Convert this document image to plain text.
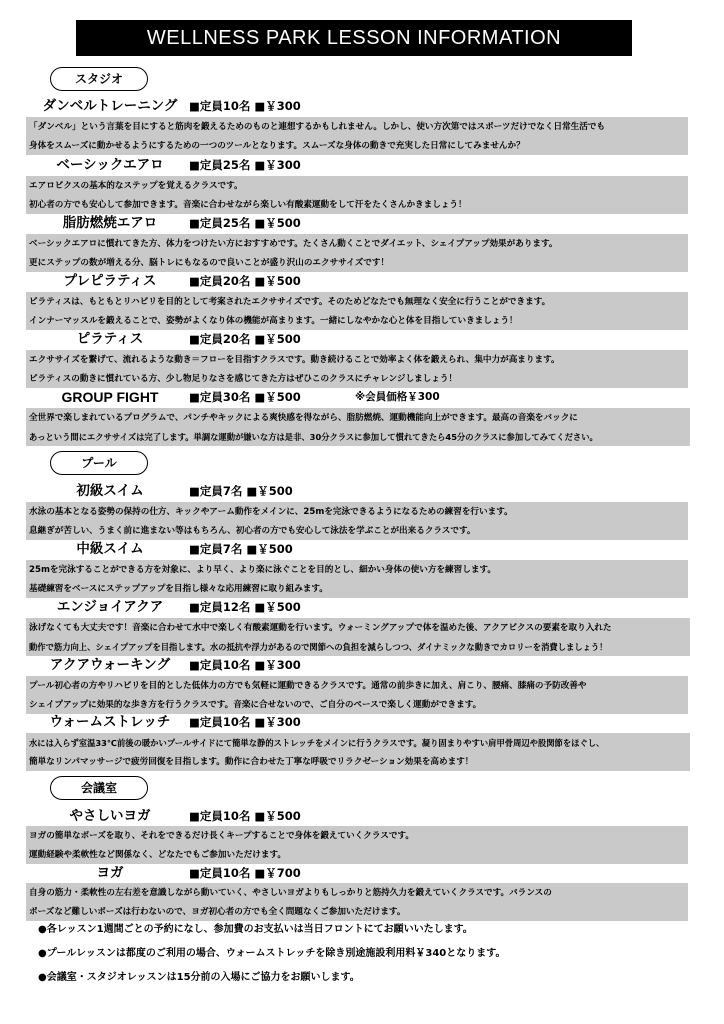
WELLNESS PARK LESSON INFORMATION
スタジオ
プール
会議室
ダンベルトレーニング	■定員10名 ■￥300
「ダンベル」という言葉を目にすると筋肉を鍛えるためのものと連想するかもしれません。しかし、使い方次第ではスポーツだけでなく日常生活でも
身体をスムーズに動かせるようにするための一つのツールとなります。スムーズな身体の動きで充実した日常にしてみませんか？
ベーシックエアロ	■定員25名 ■￥300
エアロビクスの基本的なステップを覚えるクラスです。
初心者の方でも安心して参加できます。音楽に合わせながら楽しい有酸素運動をして汗をたくさんかきましょう！
脂肪燃焼エアロ	■定員25名 ■￥500
ベーシックエアロに慣れてきた方、体力をつけたい方におすすめです。たくさん動くことでダイエット、シェイプアップ効果があります。
更にステップの数が増える分、脳トレにもなるので良いことが盛り沢山のエクササイズです！
プレピラティス	■定員20名 ■￥500
ピラティスは、もともとリハビリを目的として考案されたエクササイズです。そのためどなたでも無理なく安全に行うことができます。
インナーマッスルを鍛えることで、姿勢がよくなり体の機能が高まります。一緒にしなやかな心と体を目指していきましょう！
ピラティス	■定員20名 ■￥500
エクササイズを繋げて、流れるような動き＝フローを目指すクラスです。動き続けることで効率よく体を鍛えられ、集中力が高まります。
ピラティスの動きに慣れている方、少し物足りなさを感じてきた方はぜひこのクラスにチャレンジしましょう！
GROUP FIGHT	■定員30名 ■￥500	※会員価格￥300
全世界で楽しまれているプログラムで、パンチやキックによる爽快感を得ながら、脂肪燃焼、運動機能向上ができます。最高の音楽をバックに
あっという間にエクササイズは完了します。単調な運動が嫌いな方は是非、30分クラスに参加して慣れてきたら45分のクラスに参加してみてください。
初級スイム	■定員7名 ■￥500
水泳の基本となる姿勢の保持の仕方、キックやアーム動作をメインに、25mを完泳できるようになるための練習を行います。
息継ぎが苦しい、うまく前に進まない等はもちろん、初心者の方でも安心して泳法を学ぶことが出来るクラスです。
中級スイム	■定員7名 ■￥500
25mを完泳することができる方を対象に、より早く、より楽に泳ぐことを目的とし、細かい身体の使い方を練習します。
基礎練習をベースにステップアップを目指し様々な応用練習に取り組みます。
エンジョイアクア	■定員12名 ■￥500
泳げなくても大丈夫です！音楽に合わせて水中で楽しく有酸素運動を行います。ウォーミングアップで体を温めた後、アクアビクスの要素を取り入れた
動作で筋力向上、シェイプアップを目指します。水の抵抗や浮力があるので関節への負担を減らしつつ、ダイナミックな動きでカロリーを消費しましょう！
アクアウォーキング	■定員10名 ■￥300
プール初心者の方やリハビリを目的とした低体力の方でも気軽に運動できるクラスです。通常の前歩きに加え、肩こり、腰痛、膝痛の予防改善や
シェイプアップに効果的な歩き方を行うクラスです。音楽に合せないので、ご自分のペースで楽しく運動ができます。
ウォームストレッチ	■定員10名 ■￥300
水には入らず室温33℃前後の暖かいプールサイドにて簡単な静的ストレッチをメインに行うクラスです。凝り固まりやすい肩甲骨周辺や股関節をほぐし、
簡単なリンパマッサージで疲労回復を目指します。動作に合わせた丁寧な呼吸でリラクゼーション効果を高めます！
やさしいヨガ	■定員10名 ■￥500
ヨガの簡単なポーズを取り、それをできるだけ長くキープすることで身体を鍛えていくクラスです。
運動経験や柔軟性など関係なく、どなたでもご参加いただけます。
ヨガ	■定員10名 ■￥700
自身の筋力・柔軟性の左右差を意識しながら動いていく、やさしいヨガよりもしっかりと筋持久力を鍛えていくクラスです。バランスの
ポーズなど難しいポーズは行わないので、ヨガ初心者の方でも全く問題なくご参加いただけます。
●各レッスン1週間ごとの予約になし、参加費のお支払いは当日フロントにてお願いいたします。
●プールレッスンは都度のご利用の場合、ウォームストレッチを除き別途施設利用料￥340となります。
●会議室・スタジオレッスンは15分前の入場にご協力をお願いします。
